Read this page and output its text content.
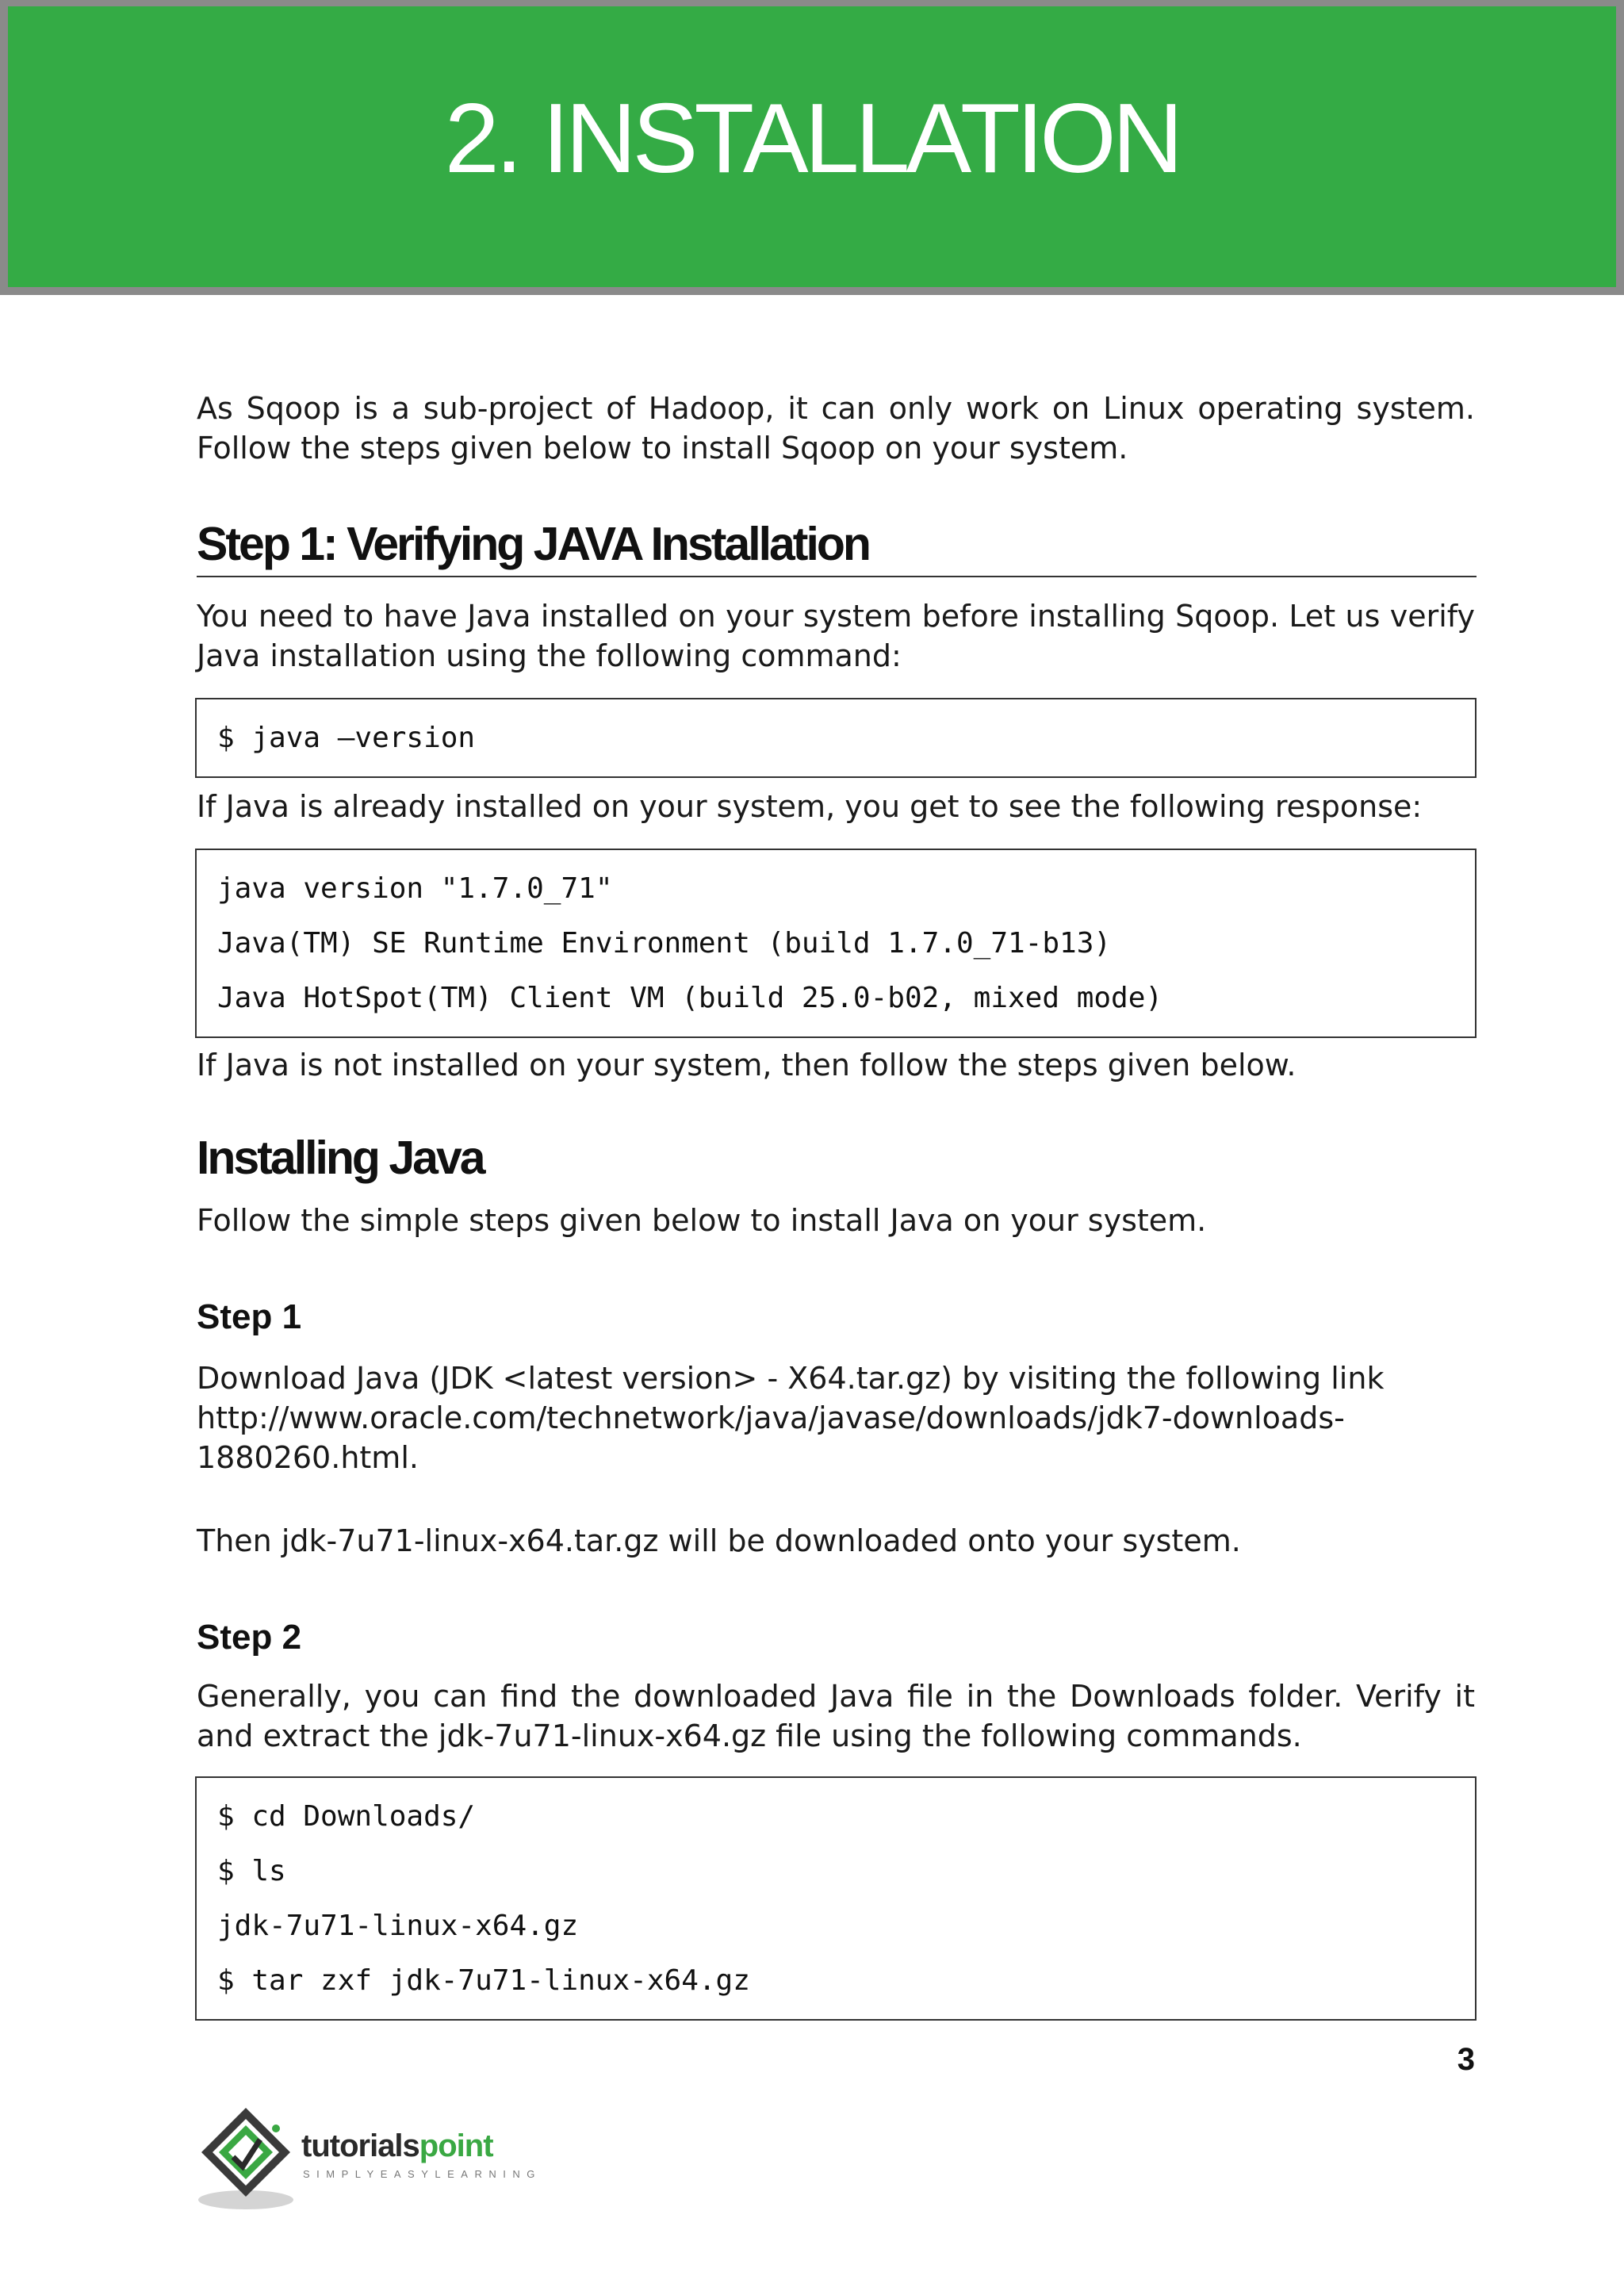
2. INSTALLATION

As Sqoop is a sub-project of Hadoop, it can only work on Linux operating system. Follow the steps given below to install Sqoop on your system.

Step 1: Verifying JAVA Installation

You need to have Java installed on your system before installing Sqoop. Let us verify Java installation using the following command:

$ java –version

If Java is already installed on your system, you get to see the following response:

java version "1.7.0_71"
Java(TM) SE Runtime Environment (build 1.7.0_71-b13)
Java HotSpot(TM) Client VM (build 25.0-b02, mixed mode)

If Java is not installed on your system, then follow the steps given below.

Installing Java

Follow the simple steps given below to install Java on your system.

Step 1

Download Java (JDK <latest version> - X64.tar.gz) by visiting the following link

http://www.oracle.com/technetwork/java/javase/downloads/jdk7-downloads-

1880260.html.

Then jdk-7u71-linux-x64.tar.gz will be downloaded onto your system.

Step 2

Generally, you can find the downloaded Java file in the Downloads folder. Verify it and extract the jdk-7u71-linux-x64.gz file using the following commands.

$ cd Downloads/
$ ls
jdk-7u71-linux-x64.gz
$ tar zxf jdk-7u71-linux-x64.gz
3
tutorialspoint
SIMPLYEASYLEARNING
